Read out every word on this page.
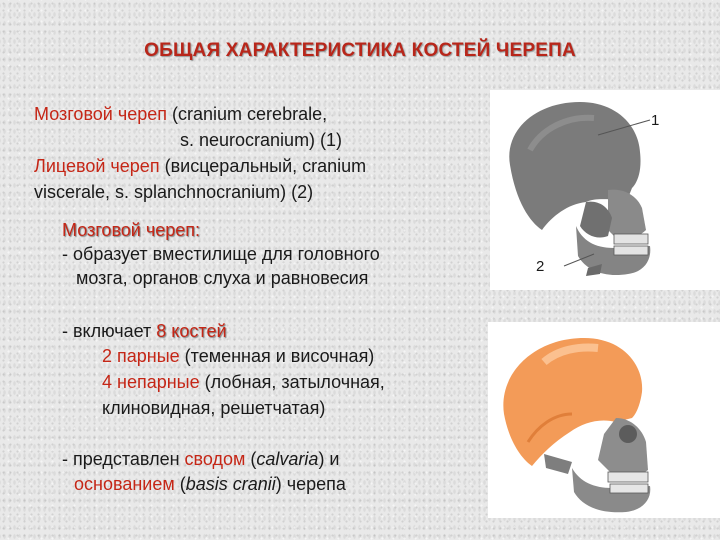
ОБЩАЯ ХАРАКТЕРИСТИКА КОСТЕЙ ЧЕРЕПА
Мозговой череп (cranium cerebrale,
s. neurocranium) (1)
Лицевой череп (висцеральный, cranium
viscerale, s. splanchnocranium) (2)
Мозговой череп:
- образует вместилище для головного
мозга, органов слуха и равновесия
- включает 8 костей
2 парные (теменная и височная)
4 непарные (лобная, затылочная,
клиновидная, решетчатая)
- представлен сводом (calvaria) и
основанием (basis cranii) черепа
1
2
